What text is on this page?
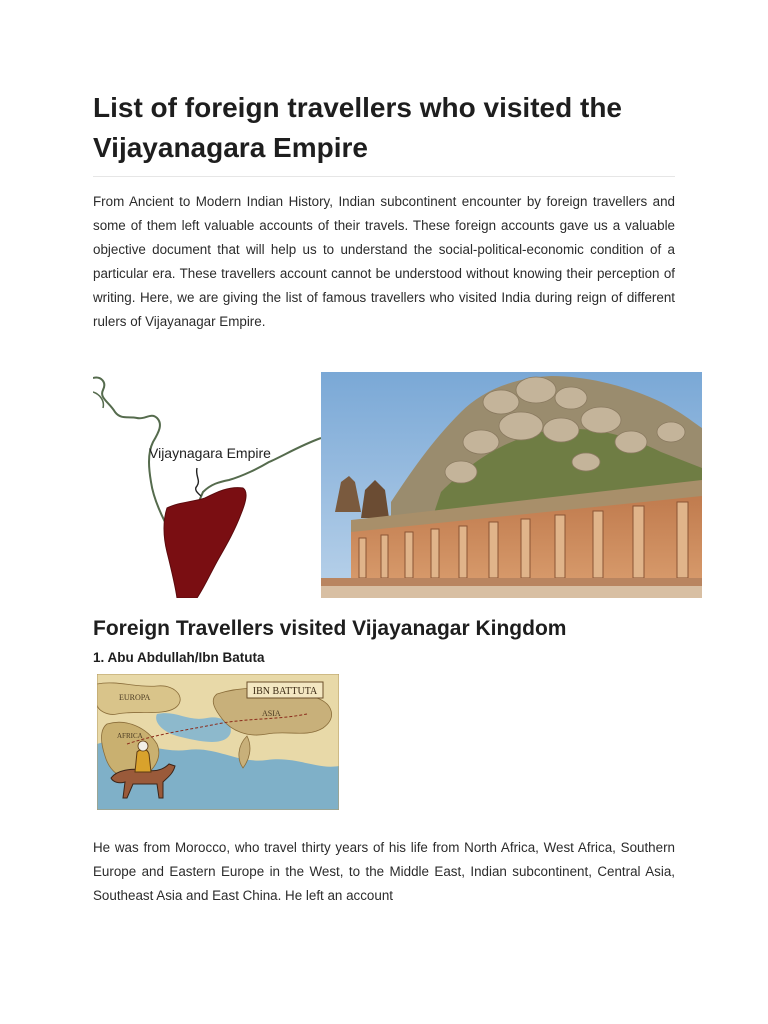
List of foreign travellers who visited the Vijayanagara Empire

From Ancient to Modern Indian History, Indian subcontinent encounter by foreign travellers and some of them left valuable accounts of their travels. These foreign accounts gave us a valuable objective document that will help us to understand the social-political-economic condition of a particular era. These travellers account cannot be understood without knowing their perception of writing. Here, we are giving the list of famous travellers who visited India during reign of different rulers of Vijayanagar Empire.

Vijaynagara Empire
Foreign Travellers visited Vijayanagar Kingdom
1. Abu Abdullah/Ibn Batuta
IBN BATTUTA
EUROPA
ASIA
AFRICA

He was from Morocco, who travel thirty years of his life from North Africa, West Africa, Southern Europe and Eastern Europe in the West, to the Middle East, Indian subcontinent, Central Asia, Southeast Asia and East China. He left an account
